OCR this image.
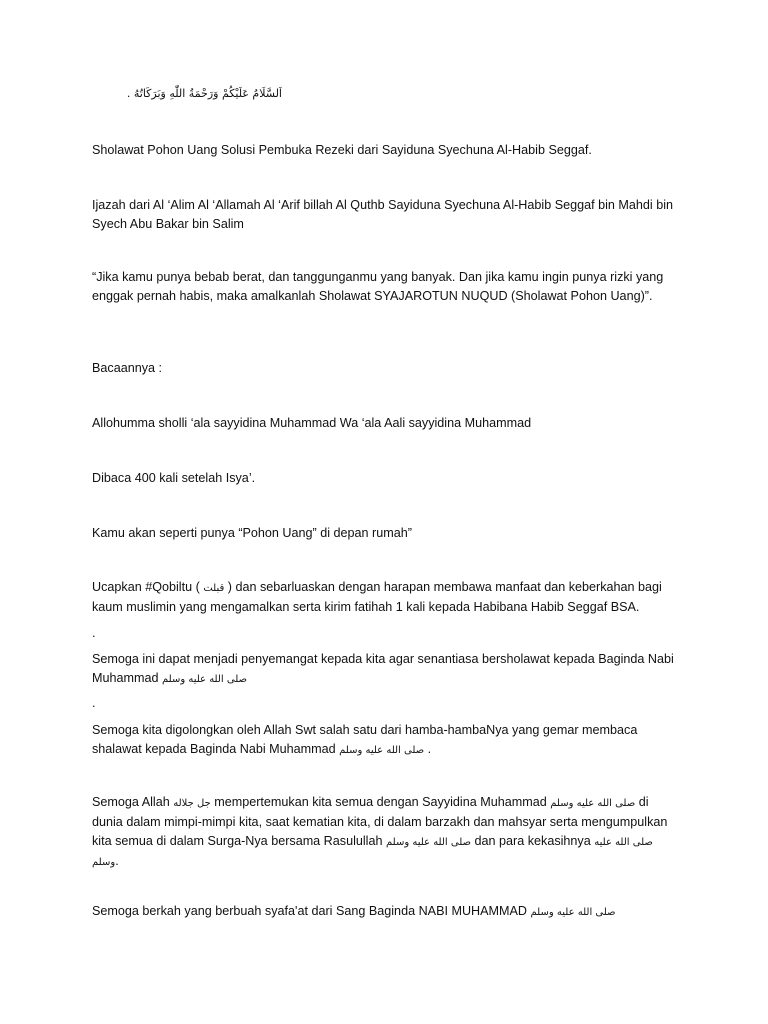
اَلسَّلَامُ عَلَيْكُمْ وَرَحْمَةُ اللّٰهِ وَبَرَكَاتُهُ .

Sholawat Pohon Uang Solusi Pembuka Rezeki dari Sayiduna Syechuna Al-Habib Seggaf.

Ijazah dari Al ‘Alim Al ‘Allamah Al ‘Arif billah Al Quthb Sayiduna Syechuna Al-Habib Seggaf bin Mahdi bin Syech Abu Bakar bin Salim

“Jika kamu punya bebab berat, dan tanggunganmu yang banyak. Dan jika kamu ingin punya rizki yang enggak pernah habis, maka amalkanlah Sholawat SYAJAROTUN NUQUD (Sholawat Pohon Uang)”.

Bacaannya :

Allohumma sholli ‘ala sayyidina Muhammad Wa ‘ala Aali sayyidina Muhammad

Dibaca 400 kali setelah Isya’.

Kamu akan seperti punya “Pohon Uang” di depan rumah”

Ucapkan #Qobiltu ( قبلت ) dan sebarluaskan dengan harapan membawa manfaat dan keberkahan bagi kaum muslimin yang mengamalkan serta kirim fatihah 1 kali kepada Habibana Habib Seggaf BSA.

.

Semoga ini dapat menjadi penyemangat kepada kita agar senantiasa bersholawat kepada Baginda Nabi Muhammad صلى الله عليه وسلم

.

Semoga kita digolongkan oleh Allah Swt salah satu dari hamba-hambaNya yang gemar membaca shalawat kepada Baginda Nabi Muhammad صلى الله عليه وسلم .

Semoga Allah جل جلاله mempertemukan kita semua dengan Sayyidina Muhammad صلى الله عليه وسلم di dunia dalam mimpi-mimpi kita, saat kematian kita, di dalam barzakh dan mahsyar serta mengumpulkan kita semua di dalam Surga-Nya bersama Rasulullah صلى الله عليه وسلم dan para kekasihnya صلى الله عليه وسلم.

Semoga berkah yang berbuah syafa'at dari Sang Baginda NABI MUHAMMAD صلى الله عليه وسلم
